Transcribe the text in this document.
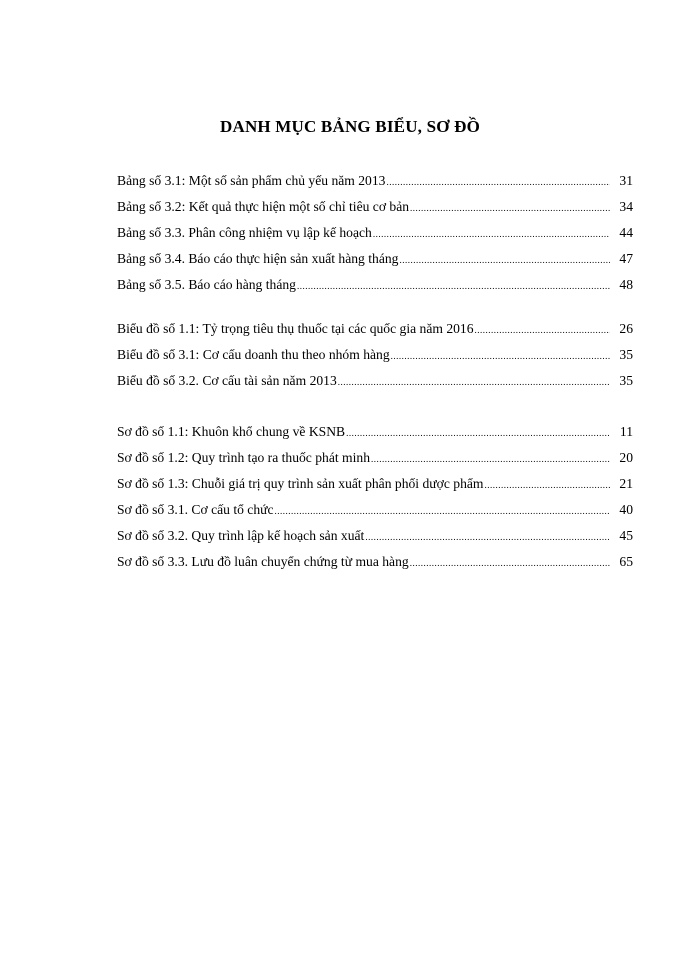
DANH MỤC BẢNG BIỂU, SƠ ĐỒ
Bảng số 3.1: Một số sản phẩm chủ yếu năm 2013 .....	31
Bảng số 3.2: Kết quả thực hiện một số chỉ tiêu cơ bản .....	34
Bảng số 3.3. Phân công nhiệm vụ lập kế hoạch .....	44
Bảng số 3.4. Báo cáo thực hiện sản xuất hàng tháng .....	47
Bảng số 3.5. Báo cáo hàng tháng .....	48
Biểu đồ số 1.1: Tỷ trọng tiêu thụ thuốc tại các quốc gia năm 2016 .....	26
Biểu đồ số 3.1: Cơ cấu doanh thu theo nhóm hàng .....	35
Biểu đồ số 3.2. Cơ cấu tài sản năm 2013 .....	35
Sơ đồ số 1.1: Khuôn khổ chung về KSNB .....	11
Sơ đồ số 1.2: Quy trình tạo ra thuốc phát minh .....	20
Sơ đồ số 1.3: Chuỗi giá trị quy trình sản xuất phân phối dược phẩm .....	21
Sơ đồ số 3.1. Cơ cấu tổ chức .....	40
Sơ đồ số 3.2. Quy trình lập kế hoạch sản xuất .....	45
Sơ đồ số 3.3. Lưu đồ luân chuyển chứng từ mua hàng .....	65
